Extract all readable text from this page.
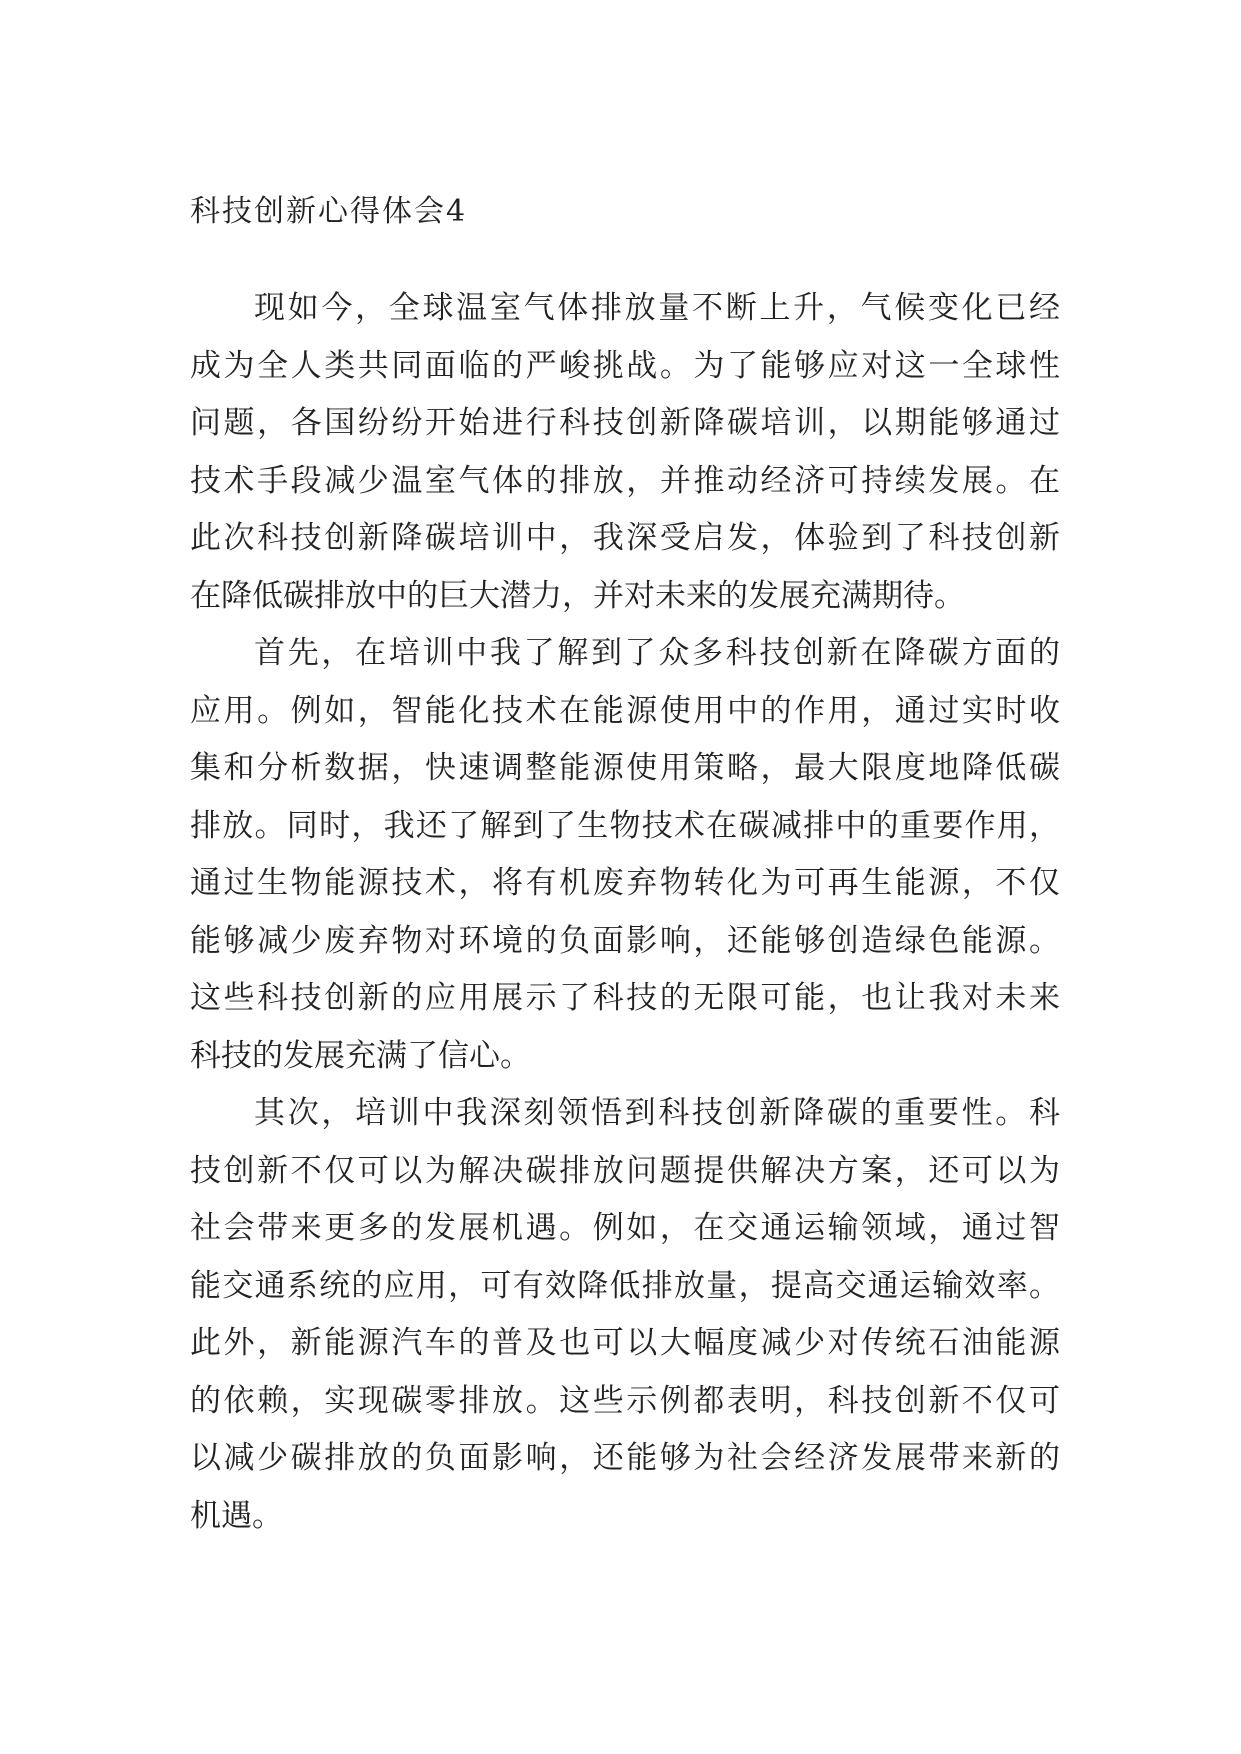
科技创新心得体会4
现如今，全球温室气体排放量不断上升，气候变化已经
成为全人类共同面临的严峻挑战。为了能够应对这一全球性
问题，各国纷纷开始进行科技创新降碳培训，以期能够通过
技术手段减少温室气体的排放，并推动经济可持续发展。在
此次科技创新降碳培训中，我深受启发，体验到了科技创新
在降低碳排放中的巨大潜力，并对未来的发展充满期待。
首先，在培训中我了解到了众多科技创新在降碳方面的
应用。例如，智能化技术在能源使用中的作用，通过实时收
集和分析数据，快速调整能源使用策略，最大限度地降低碳
排放。同时，我还了解到了生物技术在碳减排中的重要作用，
通过生物能源技术，将有机废弃物转化为可再生能源，不仅
能够减少废弃物对环境的负面影响，还能够创造绿色能源。
这些科技创新的应用展示了科技的无限可能，也让我对未来
科技的发展充满了信心。
其次，培训中我深刻领悟到科技创新降碳的重要性。科
技创新不仅可以为解决碳排放问题提供解决方案，还可以为
社会带来更多的发展机遇。例如，在交通运输领域，通过智
能交通系统的应用，可有效降低排放量，提高交通运输效率。
此外，新能源汽车的普及也可以大幅度减少对传统石油能源
的依赖，实现碳零排放。这些示例都表明，科技创新不仅可
以减少碳排放的负面影响，还能够为社会经济发展带来新的
机遇。
